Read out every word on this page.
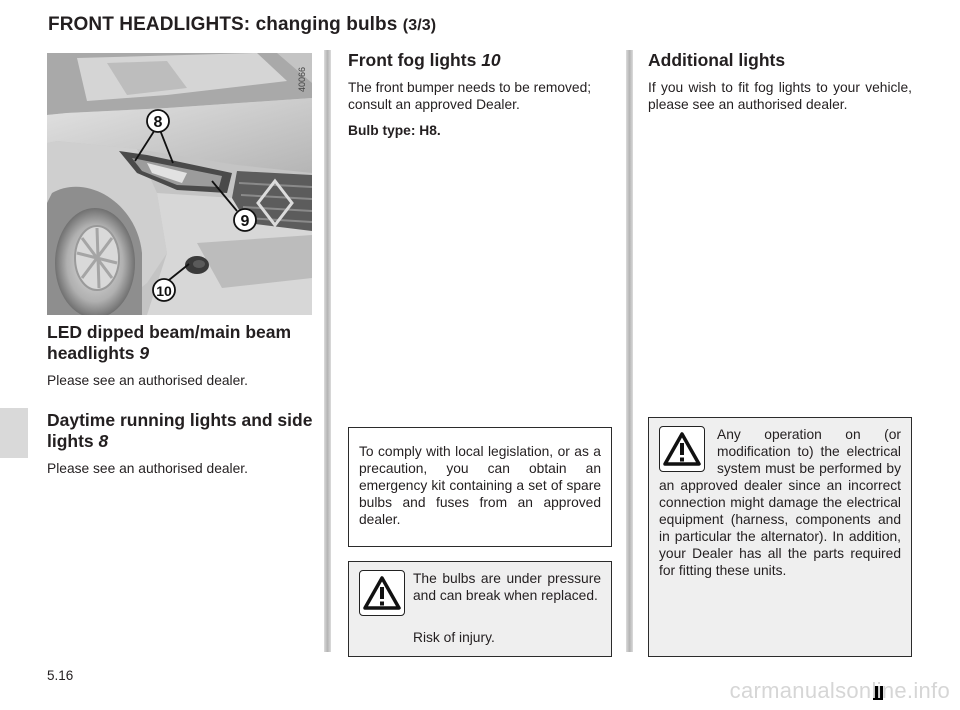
FRONT HEADLIGHTS: changing bulbs (3/3)
8
9
10
40066
LED dipped beam/main beam headlights 9

Please see an authorised dealer.

Daytime running lights and side lights 8

Please see an authorised dealer.

Front fog lights 10

The front bumper needs to be removed; consult an approved Dealer.

Bulb type: H8.

To comply with local legislation, or as a precaution, you can obtain an emergency kit containing a set of spare bulbs and fuses from an approved dealer.

The bulbs are under pressure and can break when replaced.

Risk of injury.

Additional lights

If you wish to fit fog lights to your vehicle, please see an authorised dealer.

Any operation on (or modification to) the electrical system must be performed by an approved dealer since an incorrect connection might damage the electrical equipment (harness, components and in particular the alternator). In addition, your Dealer has all the parts required for fitting these units.

5.16
carmanualsonline.info
